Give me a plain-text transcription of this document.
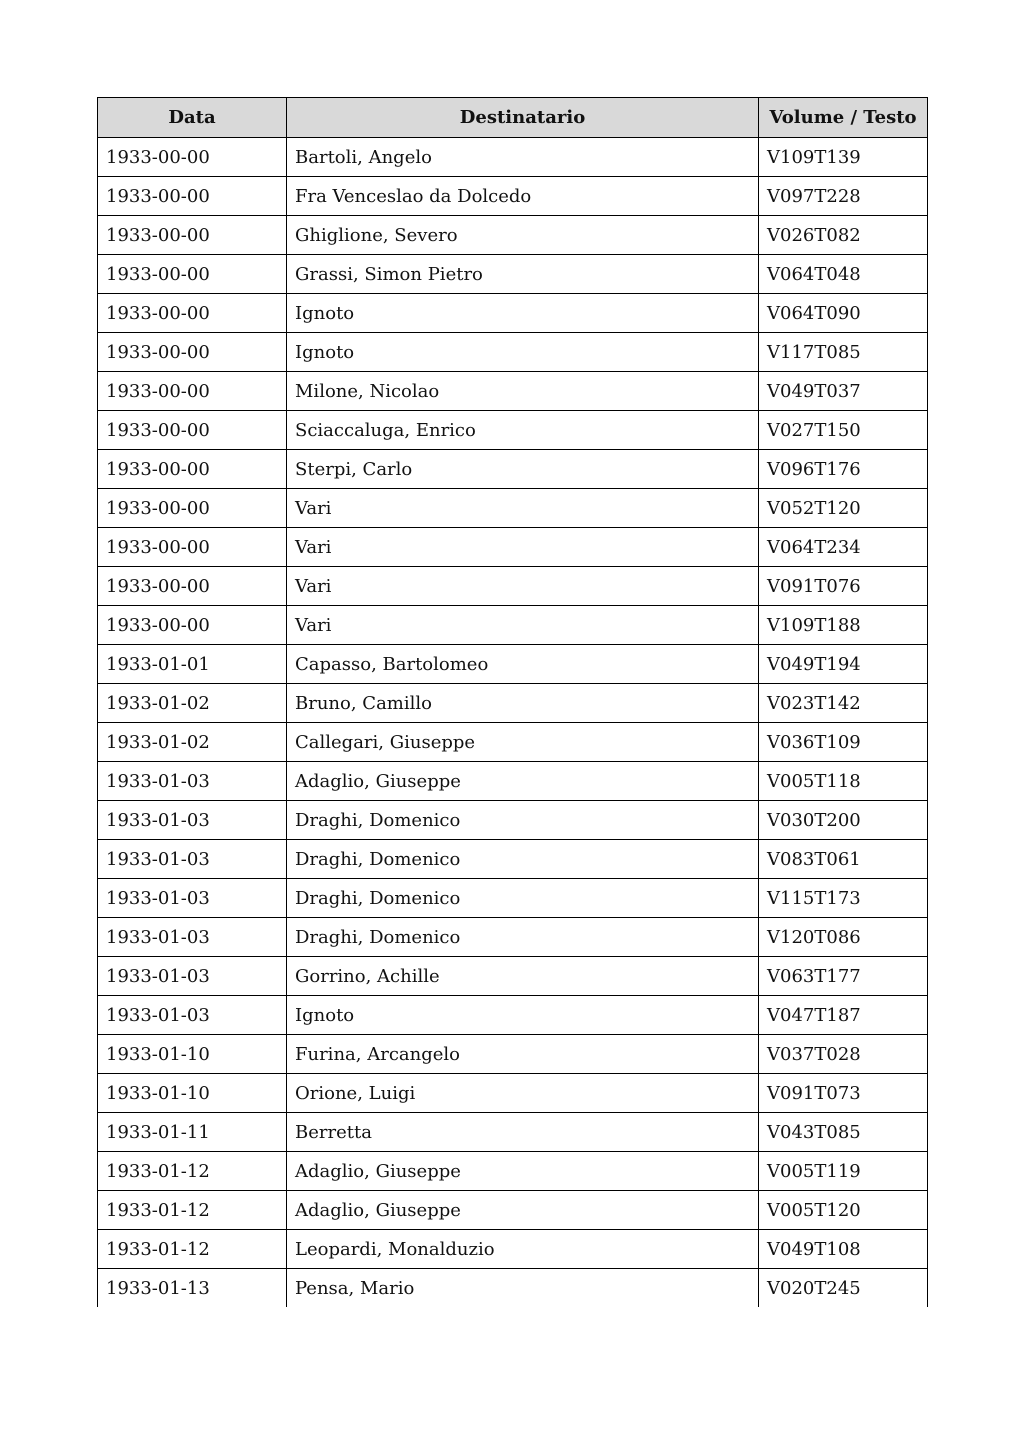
Data	Destinatario	Volume / Testo
1933-00-00	Bartoli, Angelo	V109T139
1933-00-00	Fra Venceslao da Dolcedo	V097T228
1933-00-00	Ghiglione, Severo	V026T082
1933-00-00	Grassi, Simon Pietro	V064T048
1933-00-00	Ignoto	V064T090
1933-00-00	Ignoto	V117T085
1933-00-00	Milone, Nicolao	V049T037
1933-00-00	Sciaccaluga, Enrico	V027T150
1933-00-00	Sterpi, Carlo	V096T176
1933-00-00	Vari	V052T120
1933-00-00	Vari	V064T234
1933-00-00	Vari	V091T076
1933-00-00	Vari	V109T188
1933-01-01	Capasso, Bartolomeo	V049T194
1933-01-02	Bruno, Camillo	V023T142
1933-01-02	Callegari, Giuseppe	V036T109
1933-01-03	Adaglio, Giuseppe	V005T118
1933-01-03	Draghi, Domenico	V030T200
1933-01-03	Draghi, Domenico	V083T061
1933-01-03	Draghi, Domenico	V115T173
1933-01-03	Draghi, Domenico	V120T086
1933-01-03	Gorrino, Achille	V063T177
1933-01-03	Ignoto	V047T187
1933-01-10	Furina, Arcangelo	V037T028
1933-01-10	Orione, Luigi	V091T073
1933-01-11	Berretta	V043T085
1933-01-12	Adaglio, Giuseppe	V005T119
1933-01-12	Adaglio, Giuseppe	V005T120
1933-01-12	Leopardi, Monalduzio	V049T108
1933-01-13	Pensa, Mario	V020T245
